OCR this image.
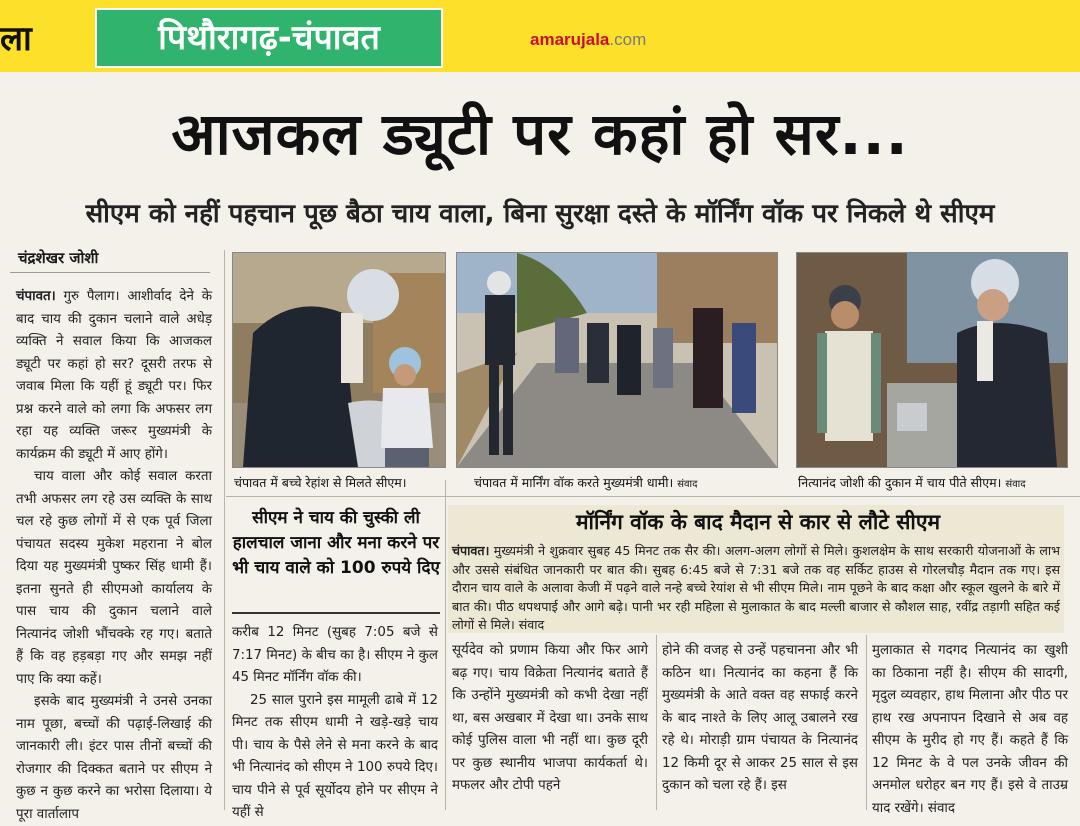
ला	पिथौरागढ़-चंपावत	amarujala.com
आजकल ड्यूटी पर कहां हो सर...
सीएम को नहीं पहचान पूछ बैठा चाय वाला, बिना सुरक्षा दस्ते के मॉर्निंग वॉक पर निकले थे सीएम
चंद्रशेखर जोशी

चंपावत। गुरु पैलाग। आशीर्वाद देने के बाद चाय की दुकान चलाने वाले अधेड़ व्यक्ति ने सवाल किया कि आजकल ड्यूटी पर कहां हो सर? दूसरी तरफ से जवाब मिला कि यहीं हूं ड्यूटी पर। फिर प्रश्न करने वाले को लगा कि अफसर लग रहा यह व्यक्ति जरूर मुख्यमंत्री के कार्यक्रम की ड्यूटी में आए होंगे।

चाय वाला और कोई सवाल करता तभी अफसर लग रहे उस व्यक्ति के साथ चल रहे कुछ लोगों में से एक पूर्व जिला पंचायत सदस्य मुकेश महराना ने बोल दिया यह मुख्यमंत्री पुष्कर सिंह धामी हैं। इतना सुनते ही सीएमओ कार्यालय के पास चाय की दुकान चलाने वाले नित्यानंद जोशी भौंचक्के रह गए। बताते हैं कि वह हड़बड़ा गए और समझ नहीं पाए कि क्या कहें।

इसके बाद मुख्यमंत्री ने उनसे उनका नाम पूछा, बच्चों की पढ़ाई-लिखाई की जानकारी ली। इंटर पास तीनों बच्चों की रोजगार की दिक्कत बताने पर सीएम ने कुछ न कुछ करने का भरोसा दिलाया। ये पूरा वार्तालाप

चंपावत में बच्चे रेहांश से मिलते सीएम।	चंपावत में मार्निंग वॉक करते मुख्यमंत्री धामी। संवाद	नित्यानंद जोशी की दुकान में चाय पीते सीएम। संवाद
सीएम ने चाय की चुस्की ली हालचाल जाना और मना करने पर भी चाय वाले को 100 रुपये दिए

करीब 12 मिनट (सुबह 7:05 बजे से 7:17 मिनट) के बीच का है। सीएम ने कुल 45 मिनट मॉर्निंग वॉक की।

25 साल पुराने इस मामूली ढाबे में 12 मिनट तक सीएम धामी ने खड़े-खड़े चाय पी। चाय के पैसे लेने से मना करने के बाद भी नित्यानंद को सीएम ने 100 रुपये दिए। चाय पीने से पूर्व सूर्योदय होने पर सीएम ने यहीं से

मॉर्निंग वॉक के बाद मैदान से कार से लौटे सीएम
चंपावत। मुख्यमंत्री ने शुक्रवार सुबह 45 मिनट तक सैर की। अलग-अलग लोगों से मिले। कुशलक्षेम के साथ सरकारी योजनाओं के लाभ और उससे संबंधित जानकारी पर बात की। सुबह 6:45 बजे से 7:31 बजे तक वह सर्किट हाउस से गोरलचौड़ मैदान तक गए। इस दौरान चाय वाले के अलावा केजी में पढ़ने वाले नन्हे बच्चे रेयांश से भी सीएम मिले। नाम पूछने के बाद कक्षा और स्कूल खुलने के बारे में बात की। पीठ थपथपाई और आगे बढ़े। पानी भर रही महिला से मुलाकात के बाद मल्ली बाजार से कौशल साह, रवींद्र तड़ागी सहित कई लोगों से मिले। संवाद

सूर्यदेव को प्रणाम किया और फिर आगे बढ़ गए। चाय विक्रेता नित्यानंद बताते हैं कि उन्होंने मुख्यमंत्री को कभी देखा नहीं था, बस अखबार में देखा था। उनके साथ कोई पुलिस वाला भी नहीं था। कुछ दूरी पर कुछ स्थानीय भाजपा कार्यकर्ता थे। मफलर और टोपी पहने

होने की वजह से उन्हें पहचानना और भी कठिन था। नित्यानंद का कहना हैं कि मुख्यमंत्री के आते वक्त वह सफाई करने के बाद नाश्ते के लिए आलू उबालने रख रहे थे। मोराड़ी ग्राम पंचायत के नित्यानंद 12 किमी दूर से आकर 25 साल से इस दुकान को चला रहे हैं। इस

मुलाकात से गदगद नित्यानंद का खुशी का ठिकाना नहीं है। सीएम की सादगी, मृदुल व्यवहार, हाथ मिलाना और पीठ पर हाथ रख अपनापन दिखाने से अब वह सीएम के मुरीद हो गए हैं। कहते हैं कि 12 मिनट के वे पल उनके जीवन की अनमोल धरोहर बन गए हैं। इसे वे ताउम्र याद रखेंगे। संवाद
